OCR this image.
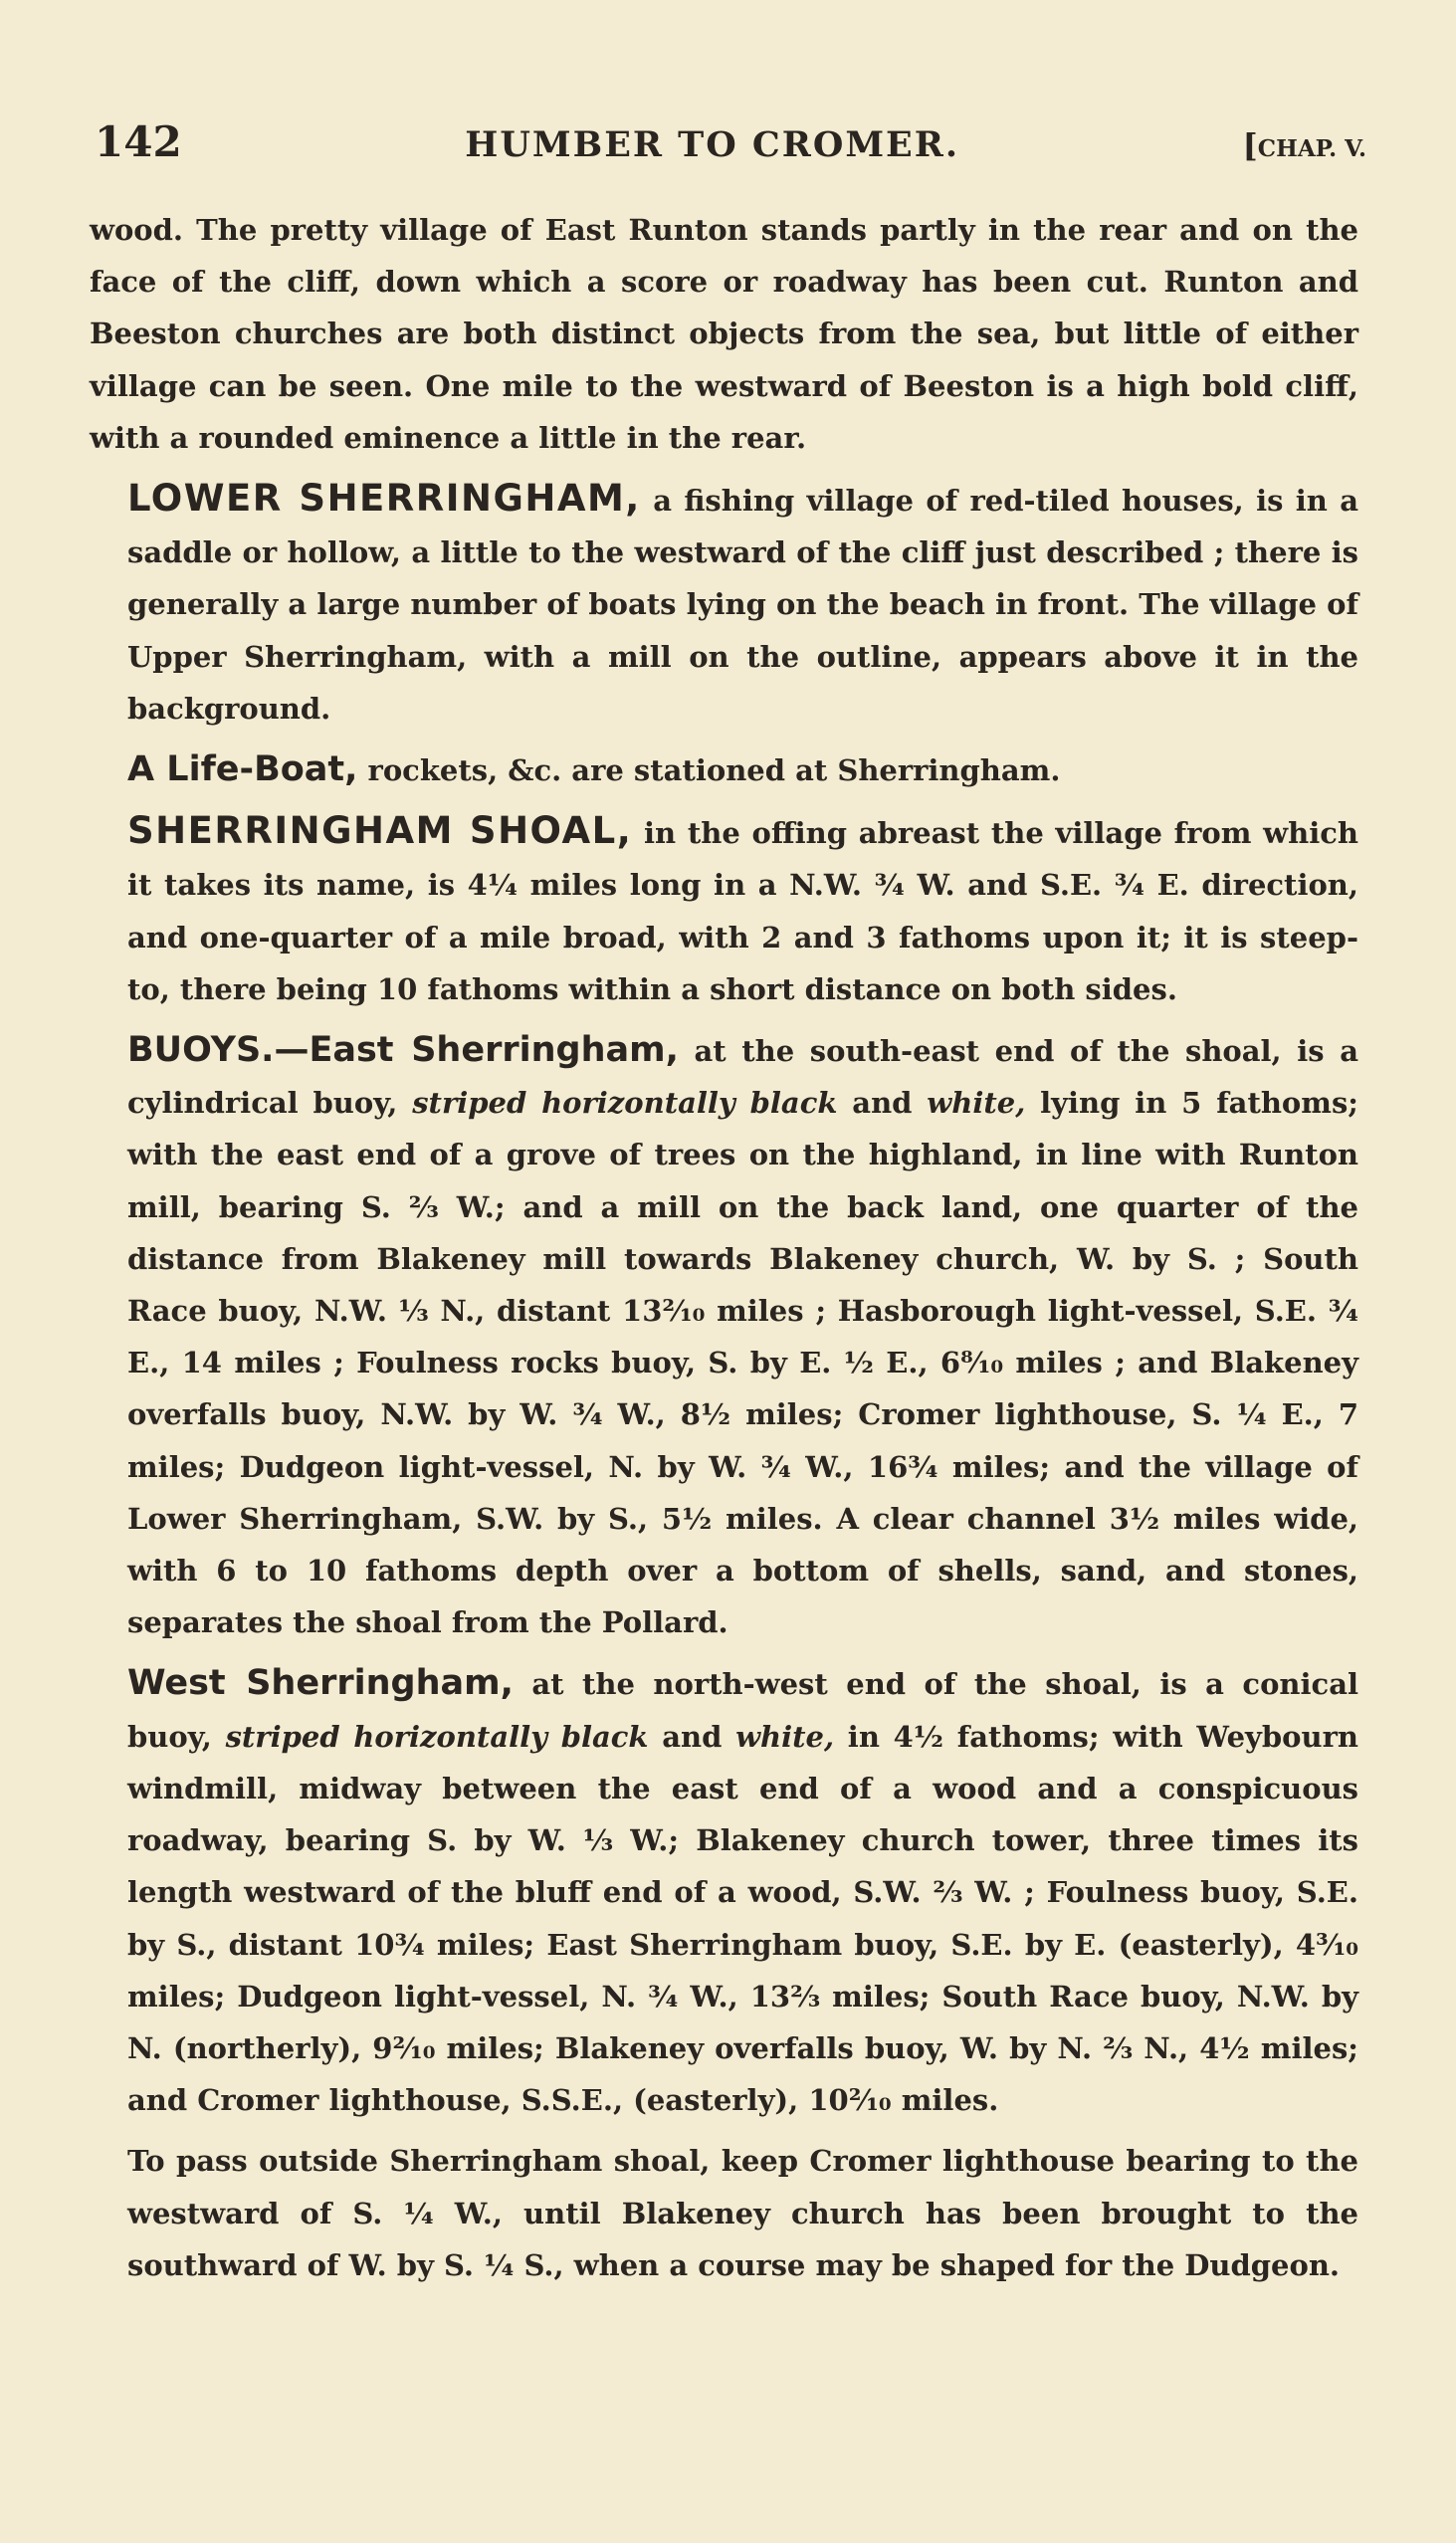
142	HUMBER TO CROMER.	[CHAP. V.

wood. The pretty village of East Runton stands partly in the rear and on the face of the cliff, down which a score or roadway has been cut. Runton and Beeston churches are both distinct objects from the sea, but little of either village can be seen. One mile to the westward of Beeston is a high bold cliff, with a rounded eminence a little in the rear.

LOWER SHERRINGHAM, a fishing village of red-tiled houses, is in a saddle or hollow, a little to the westward of the cliff just described ; there is generally a large number of boats lying on the beach in front. The village of Upper Sherringham, with a mill on the outline, appears above it in the background.

A Life-Boat, rockets, &c. are stationed at Sherringham.

SHERRINGHAM SHOAL, in the offing abreast the village from which it takes its name, is 4¼ miles long in a N.W. ¾ W. and S.E. ¾ E. direction, and one-quarter of a mile broad, with 2 and 3 fathoms upon it; it is steep-to, there being 10 fathoms within a short distance on both sides.

BUOYS.—East Sherringham, at the south-east end of the shoal, is a cylindrical buoy, striped horizontally black and white, lying in 5 fathoms; with the east end of a grove of trees on the highland, in line with Runton mill, bearing S. ⅔ W.; and a mill on the back land, one quarter of the distance from Blakeney mill towards Blakeney church, W. by S. ; South Race buoy, N.W. ⅓ N., distant 13²⁄₁₀ miles ; Hasborough light-vessel, S.E. ¾ E., 14 miles ; Foulness rocks buoy, S. by E. ½ E., 6⁸⁄₁₀ miles ; and Blakeney overfalls buoy, N.W. by W. ¾ W., 8½ miles; Cromer lighthouse, S. ¼ E., 7 miles; Dudgeon light-vessel, N. by W. ¾ W., 16¾ miles; and the village of Lower Sherringham, S.W. by S., 5½ miles. A clear channel 3½ miles wide, with 6 to 10 fathoms depth over a bottom of shells, sand, and stones, separates the shoal from the Pollard.

West Sherringham, at the north-west end of the shoal, is a conical buoy, striped horizontally black and white, in 4½ fathoms; with Weybourn windmill, midway between the east end of a wood and a conspicuous roadway, bearing S. by W. ⅓ W.; Blakeney church tower, three times its length westward of the bluff end of a wood, S.W. ⅔ W. ; Foulness buoy, S.E. by S., distant 10¾ miles; East Sherringham buoy, S.E. by E. (easterly), 4³⁄₁₀ miles; Dudgeon light-vessel, N. ¾ W., 13⅔ miles; South Race buoy, N.W. by N. (northerly), 9²⁄₁₀ miles; Blakeney overfalls buoy, W. by N. ⅔ N., 4½ miles; and Cromer lighthouse, S.S.E., (easterly), 10²⁄₁₀ miles.

To pass outside Sherringham shoal, keep Cromer lighthouse bearing to the westward of S. ¼ W., until Blakeney church has been brought to the southward of W. by S. ¼ S., when a course may be shaped for the Dudgeon.
